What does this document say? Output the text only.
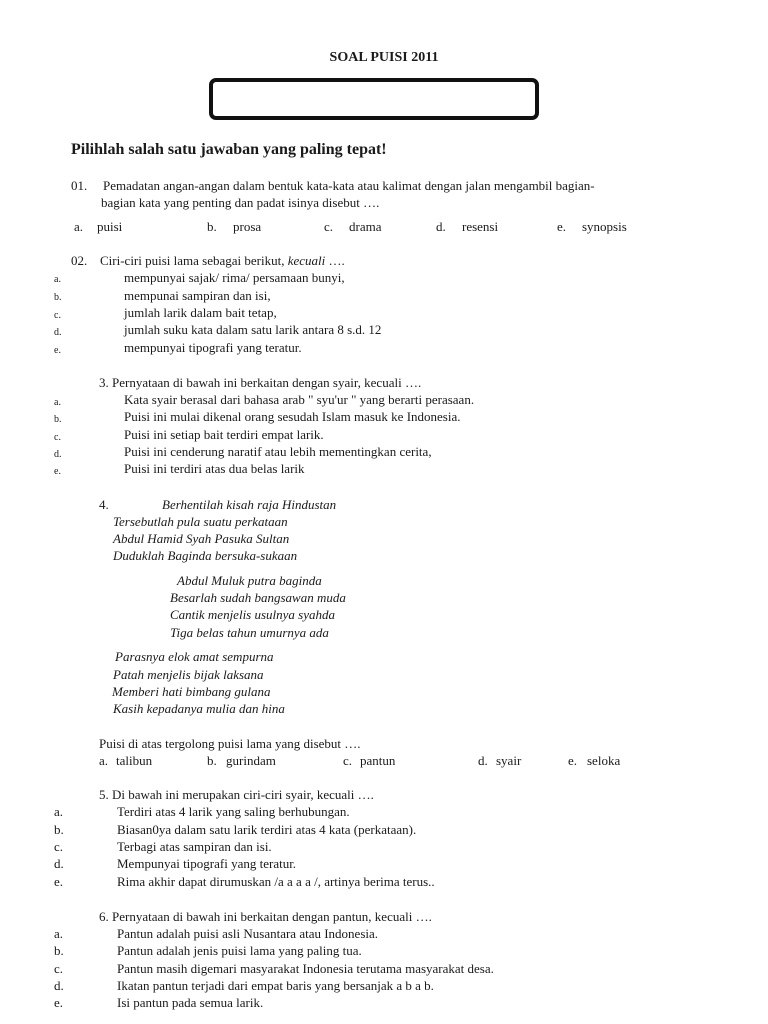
SOAL PUISI 2011
Pilihlah salah satu jawaban yang paling tepat!
01. Pemadatan angan-angan dalam bentuk kata-kata atau kalimat dengan jalan mengambil bagian-
bagian kata yang penting dan padat isinya disebut ….
a. puisi	b. prosa	c. drama	d. resensi	e. synopsis
02. Ciri-ciri puisi lama sebagai berikut, kecuali ….
a.	mempunyai sajak/ rima/ persamaan bunyi,
b.	mempunai sampiran dan isi,
c.	jumlah larik dalam bait tetap,
d.	jumlah suku kata dalam satu larik antara 8 s.d. 12
e.	mempunyai tipografi yang teratur.
3. Pernyataan di bawah ini berkaitan dengan syair, kecuali ….
a.	Kata syair berasal dari bahasa arab " syu'ur " yang berarti perasaan.
b.	Puisi ini mulai dikenal orang sesudah Islam masuk ke Indonesia.
c.	Puisi ini setiap bait terdiri empat larik.
d.	Puisi ini cenderung naratif atau lebih mementingkan cerita,
e.	Puisi ini terdiri atas dua belas larik
4.	Berhentilah kisah raja Hindustan
Tersebutlah pula suatu perkataan
Abdul Hamid Syah Pasuka Sultan
Duduklah Baginda bersuka-sukaan
Abdul Muluk putra baginda
Besarlah sudah bangsawan muda
Cantik menjelis usulnya syahda
Tiga belas tahun umurnya ada
Parasnya elok amat sempurna
Patah menjelis bijak laksana
Memberi hati bimbang gulana
Kasih kepadanya mulia dan hina
Puisi di atas tergolong puisi lama yang disebut ….
a. talibun	b. gurindam	c. pantun	d. syair	e. seloka
5. Di bawah ini merupakan ciri-ciri syair, kecuali ….
a.	Terdiri atas 4 larik yang saling berhubungan.
b.	Biasan0ya dalam satu larik terdiri atas 4 kata (perkataan).
c.	Terbagi atas sampiran dan isi.
d.	Mempunyai tipografi yang teratur.
e.	Rima akhir dapat dirumuskan /a a a a /, artinya berima terus..
6. Pernyataan di bawah ini berkaitan dengan pantun, kecuali ….
a.	Pantun adalah puisi asli Nusantara atau Indonesia.
b.	Pantun adalah jenis puisi lama yang paling tua.
c.	Pantun masih digemari masyarakat Indonesia terutama masyarakat desa.
d.	Ikatan pantun terjadi dari empat baris yang bersanjak a b a b.
e.	Isi pantun pada semua larik.
